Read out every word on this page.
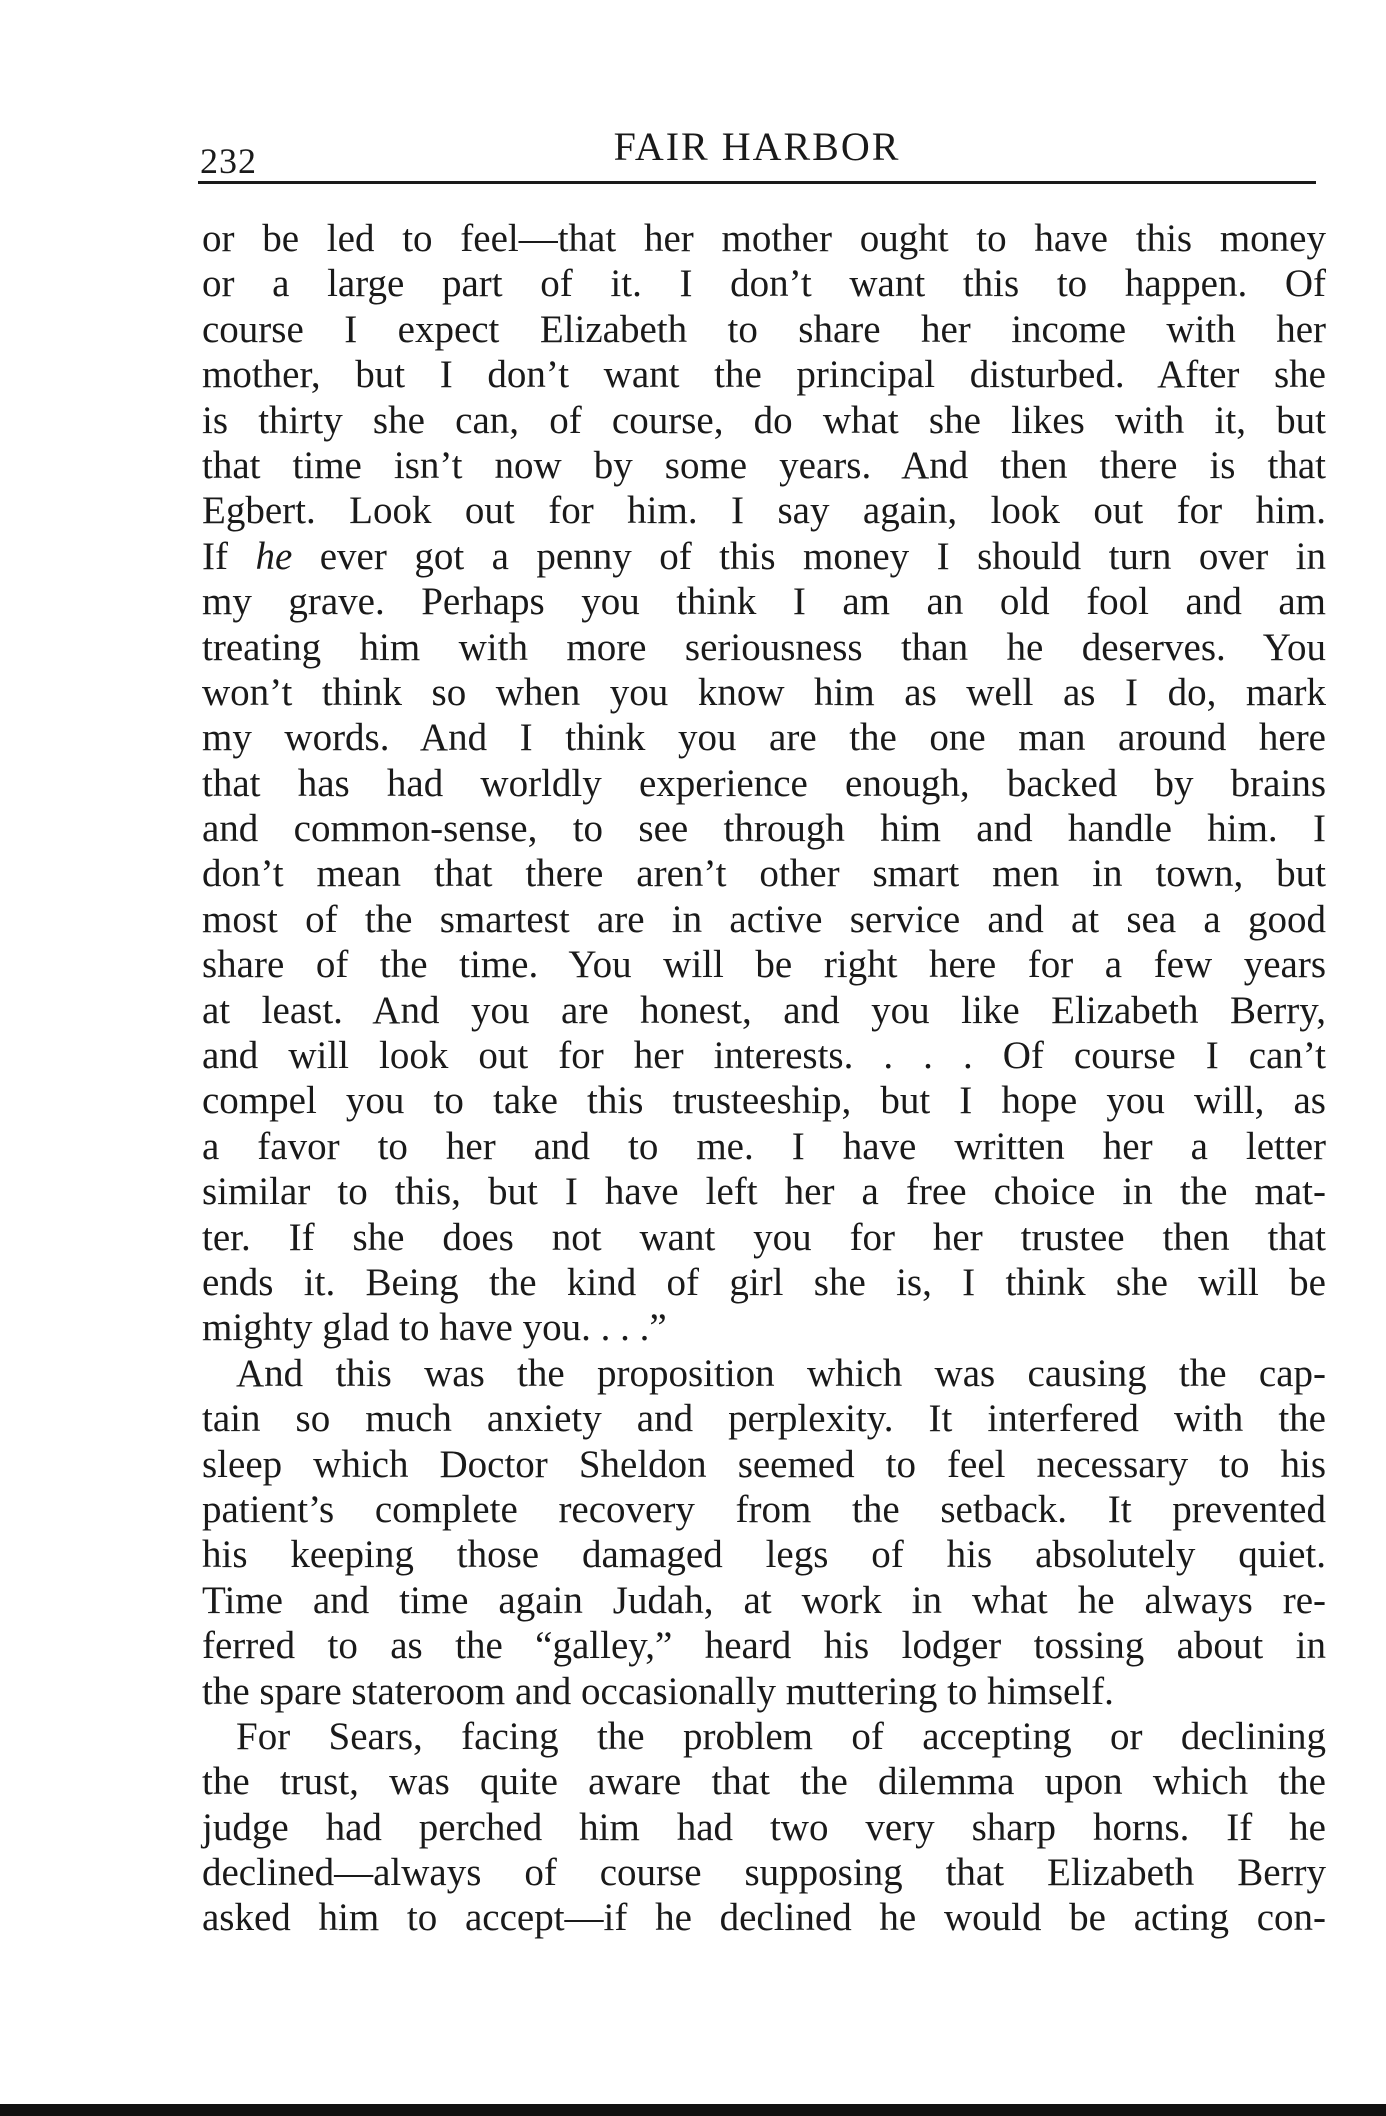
232	FAIR HARBOR
or be led to feel—that her mother ought to have this money
or a large part of it. I don’t want this to happen. Of
course I expect Elizabeth to share her income with her
mother, but I don’t want the principal disturbed. After she
is thirty she can, of course, do what she likes with it, but
that time isn’t now by some years. And then there is that
Egbert. Look out for him. I say again, look out for him.
If he ever got a penny of this money I should turn over in
my grave. Perhaps you think I am an old fool and am
treating him with more seriousness than he deserves. You
won’t think so when you know him as well as I do, mark
my words. And I think you are the one man around here
that has had worldly experience enough, backed by brains
and common-sense, to see through him and handle him. I
don’t mean that there aren’t other smart men in town, but
most of the smartest are in active service and at sea a good
share of the time. You will be right here for a few years
at least. And you are honest, and you like Elizabeth Berry,
and will look out for her interests. . . . Of course I can’t
compel you to take this trusteeship, but I hope you will, as
a favor to her and to me. I have written her a letter
similar to this, but I have left her a free choice in the mat-
ter. If she does not want you for her trustee then that
ends it. Being the kind of girl she is, I think she will be
mighty glad to have you. . . .”
And this was the proposition which was causing the cap-
tain so much anxiety and perplexity. It interfered with the
sleep which Doctor Sheldon seemed to feel necessary to his
patient’s complete recovery from the setback. It prevented
his keeping those damaged legs of his absolutely quiet.
Time and time again Judah, at work in what he always re-
ferred to as the “galley,” heard his lodger tossing about in
the spare stateroom and occasionally muttering to himself.
For Sears, facing the problem of accepting or declining
the trust, was quite aware that the dilemma upon which the
judge had perched him had two very sharp horns. If he
declined—always of course supposing that Elizabeth Berry
asked him to accept—if he declined he would be acting con-
